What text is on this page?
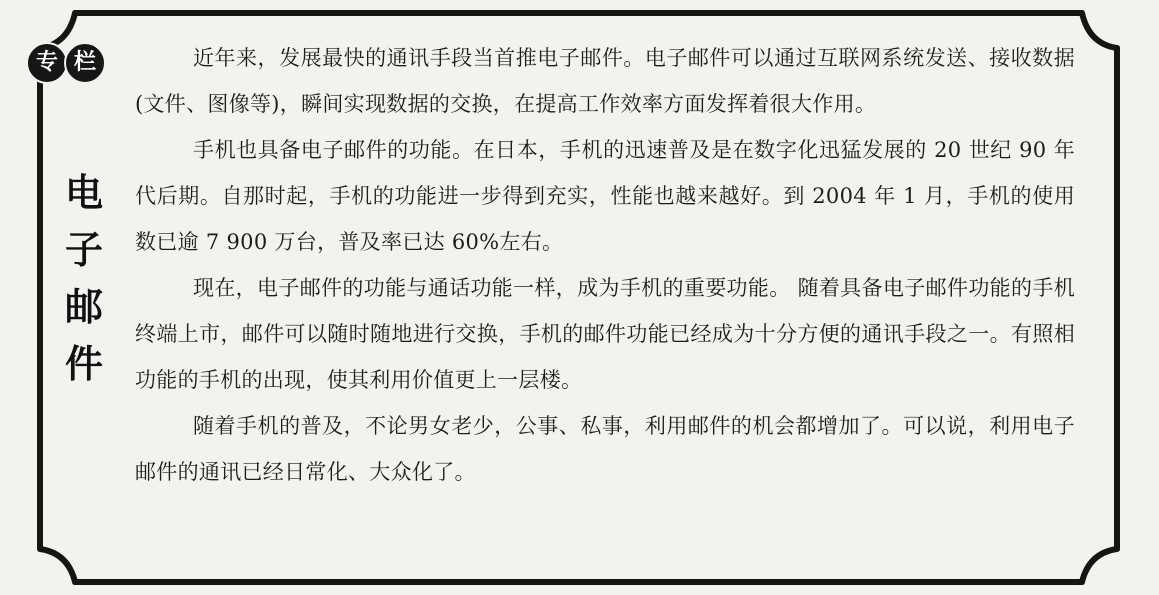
专 栏
电
子
邮
件

近年来，发展最快的通讯手段当首推电子邮件。电子邮件可以通过互联网系统发送、接收数据(文件、图像等)，瞬间实现数据的交换，在提高工作效率方面发挥着很大作用。

手机也具备电子邮件的功能。在日本，手机的迅速普及是在数字化迅猛发展的 20 世纪 90 年代后期。自那时起，手机的功能进一步得到充实，性能也越来越好。到 2004 年 1 月，手机的使用数已逾 7 900 万台，普及率已达 60%左右。

现在，电子邮件的功能与通话功能一样，成为手机的重要功能。 随着具备电子邮件功能的手机终端上市，邮件可以随时随地进行交换，手机的邮件功能已经成为十分方便的通讯手段之一。有照相功能的手机的出现，使其利用价值更上一层楼。

随着手机的普及，不论男女老少，公事、私事，利用邮件的机会都增加了。可以说，利用电子邮件的通讯已经日常化、大众化了。
